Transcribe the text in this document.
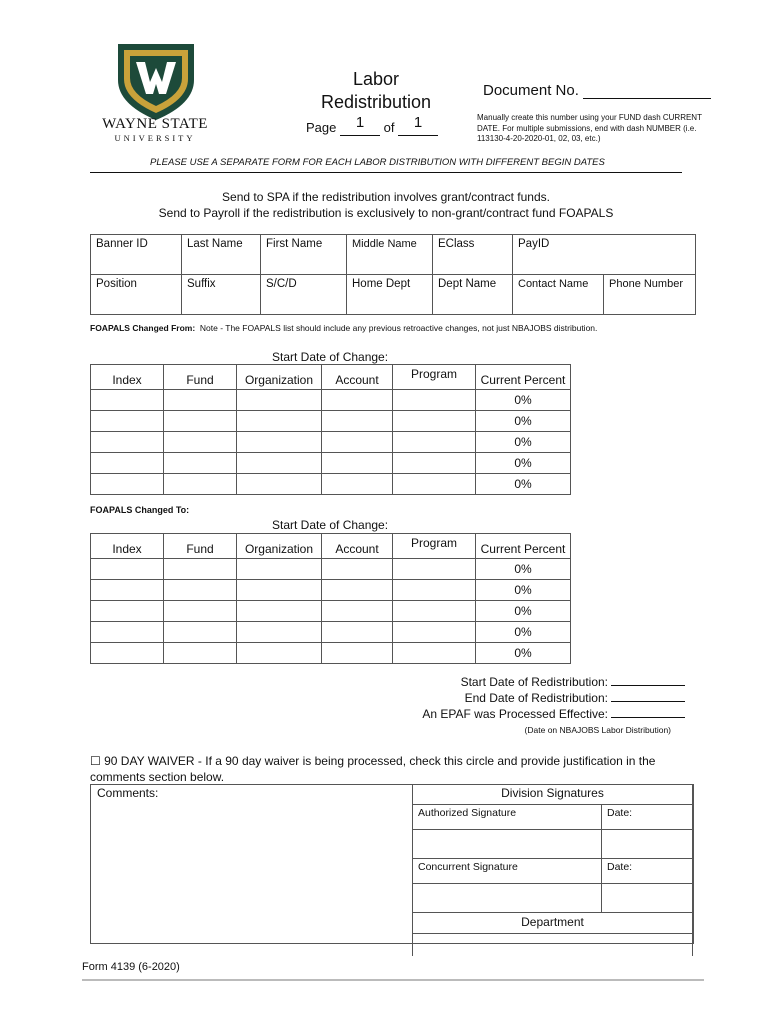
WAYNE STATE
UNIVERSITY
Labor
Redistribution
Page	1	of	1

Document No.
Manually create this number using your FUND dash CURRENT DATE. For multiple submissions, end with dash NUMBER (i.e. 113130-4-20-2020-01, 02, 03, etc.)
PLEASE USE A SEPARATE FORM FOR EACH LABOR DISTRIBUTION WITH DIFFERENT BEGIN DATES
Send to SPA if the redistribution involves grant/contract funds.
Send to Payroll if the redistribution is exclusively to non-grant/contract fund FOAPALS
Banner ID	Last Name	First Name	Middle Name	EClass	PayID	
Position	Suffix	S/C/D	Home Dept	Dept Name	Contact Name	Phone Number
FOAPALS Changed From: Note - The FOAPALS list should include any previous retroactive changes, not just NBAJOBS distribution.
Start Date of Change:
Index	Fund	Organization	Account	Program	Current Percent
					0%
					0%
					0%
					0%
					0%
FOAPALS Changed To:
Start Date of Change:
Index	Fund	Organization	Account	Program	Current Percent
					0%
					0%
					0%
					0%
					0%
Start Date of Redistribution:
End Date of Redistribution:
An EPAF was Processed Effective:
(Date on NBAJOBS Labor Distribution)
☐ 90 DAY WAIVER - If a 90 day waiver is being processed, check this circle and provide justification in the comments section below.
Comments:	Division Signatures	
Authorized Signature	Date:

Concurrent Signature	Date:

Department	

Form 4139 (6-2020)
